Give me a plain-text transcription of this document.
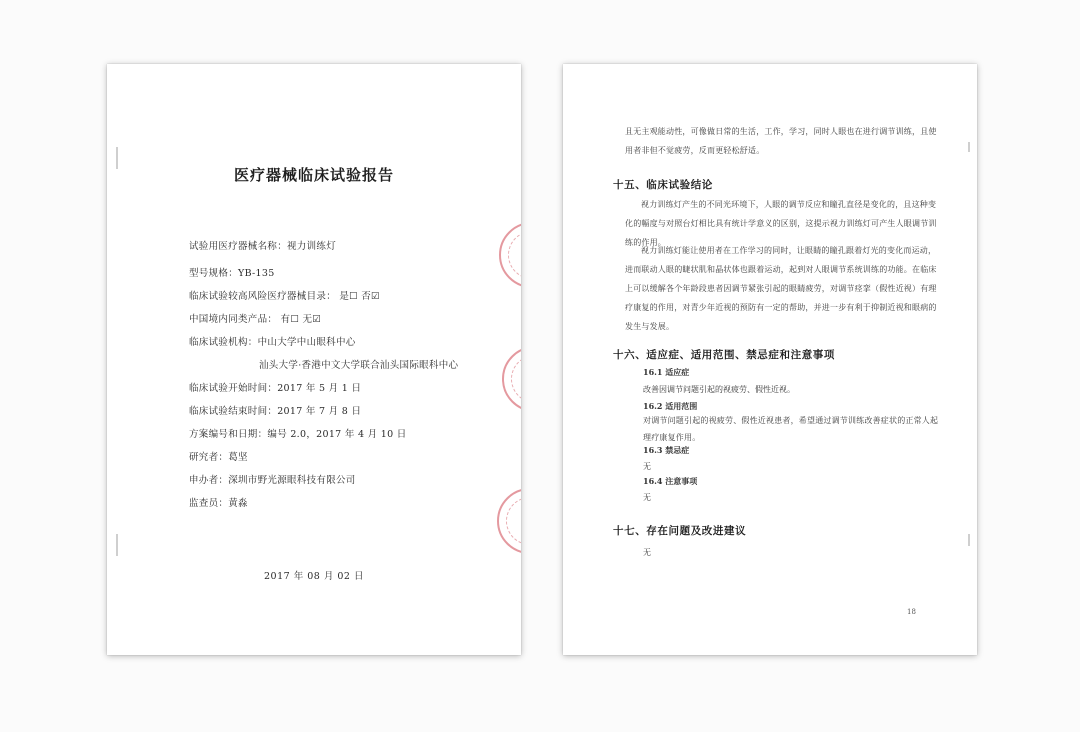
医疗器械临床试验报告
试验用医疗器械名称：视力训练灯
型号规格：YB-135
临床试验较高风险医疗器械目录： 是☐ 否☑
中国境内同类产品： 有☐ 无☑
临床试验机构：中山大学中山眼科中心
汕头大学·香港中文大学联合汕头国际眼科中心
临床试验开始时间：2017 年 5 月 1 日
临床试验结束时间：2017 年 7 月 8 日
方案编号和日期：编号 2.0，2017 年 4 月 10 日
研究者：葛坚
申办者：深圳市野光源眼科技有限公司
监查员：黄淼
2017 年 08 月 02 日
且无主观能动性，可像做日常的生活，工作，学习，同时人眼也在进行调节训练，且使用者非但不觉疲劳，反而更轻松舒适。
十五、临床试验结论
视力训练灯产生的不同光环境下，人眼的调节反应和瞳孔直径是变化的，且这种变化的幅度与对照台灯相比具有统计学意义的区别，这提示视力训练灯可产生人眼调节训练的作用。
视力训练灯能让使用者在工作学习的同时，让眼睛的瞳孔跟着灯光的变化而运动，进而联动人眼的睫状肌和晶状体也跟着运动，起到对人眼调节系统训练的功能。在临床上可以缓解各个年龄段患者因调节紧张引起的眼睛疲劳，对调节痉挛（假性近视）有理疗康复的作用，对青少年近视的预防有一定的帮助，并进一步有利于抑制近视和眼病的发生与发展。
十六、适应症、适用范围、禁忌症和注意事项
16.1 适应症
改善因调节问题引起的视疲劳、假性近视。
16.2 适用范围
对调节问题引起的视疲劳、假性近视患者，希望通过调节训练改善症状的正常人起理疗康复作用。
16.3 禁忌症
无
16.4 注意事项
无
十七、存在问题及改进建议
无
18
